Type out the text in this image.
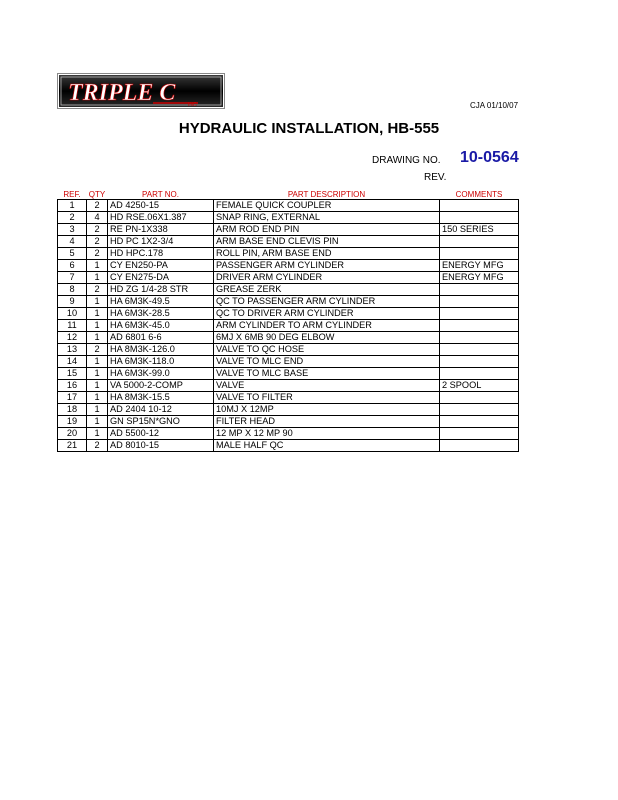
TRIPLE C	INC	CJA 01/10/07
HYDRAULIC INSTALLATION, HB-555
DRAWING NO. 10-0564
REV.
REF.	QTY	PART NO.	PART DESCRIPTION	COMMENTS
1	2	AD 4250-15	FEMALE QUICK COUPLER	
2	4	HD RSE.06X1.387	SNAP RING, EXTERNAL	
3	2	RE PN-1X338	ARM ROD END PIN	150 SERIES
4	2	HD PC 1X2-3/4	ARM BASE END CLEVIS PIN	
5	2	HD HPC.178	ROLL PIN, ARM BASE END	
6	1	CY EN250-PA	PASSENGER ARM CYLINDER	ENERGY MFG
7	1	CY EN275-DA	DRIVER ARM CYLINDER	ENERGY MFG
8	2	HD ZG 1/4-28 STR	GREASE ZERK	
9	1	HA 6M3K-49.5	QC TO PASSENGER ARM CYLINDER	
10	1	HA 6M3K-28.5	QC TO DRIVER ARM CYLINDER	
11	1	HA 6M3K-45.0	ARM CYLINDER TO ARM CYLINDER	
12	1	AD 6801 6-6	6MJ X 6MB 90 DEG ELBOW	
13	2	HA 8M3K-126.0	VALVE TO QC HOSE	
14	1	HA 6M3K-118.0	VALVE TO MLC END	
15	1	HA 6M3K-99.0	VALVE TO MLC BASE	
16	1	VA 5000-2-COMP	VALVE	2 SPOOL
17	1	HA 8M3K-15.5	VALVE TO FILTER	
18	1	AD 2404 10-12	10MJ X 12MP	
19	1	GN SP15N*GNO	FILTER HEAD	
20	1	AD 5500-12	12 MP X 12 MP 90	
21	2	AD 8010-15	MALE HALF QC	
